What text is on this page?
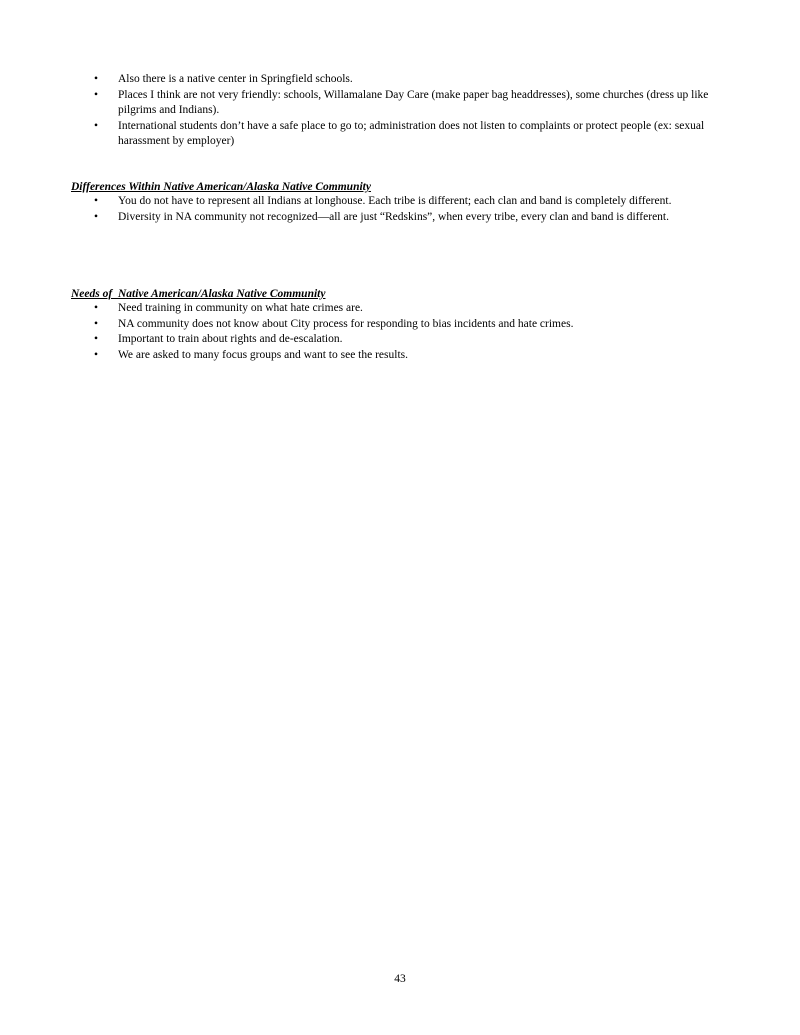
• Also there is a native center in Springfield schools.
• Places I think are not very friendly: schools, Willamalane Day Care (make paper bag headdresses), some churches (dress up like pilgrims and Indians).
• International students don’t have a safe place to go to; administration does not listen to complaints or protect people (ex: sexual harassment by employer)

Differences Within Native American/Alaska Native Community

• You do not have to represent all Indians at longhouse. Each tribe is different; each clan and band is completely different.
• Diversity in NA community not recognized—all are just “Redskins”, when every tribe, every clan and band is different.

Needs of  Native American/Alaska Native Community

• Need training in community on what hate crimes are.
• NA community does not know about City process for responding to bias incidents and hate crimes.
• Important to train about rights and de-escalation.
• We are asked to many focus groups and want to see the results.
43
